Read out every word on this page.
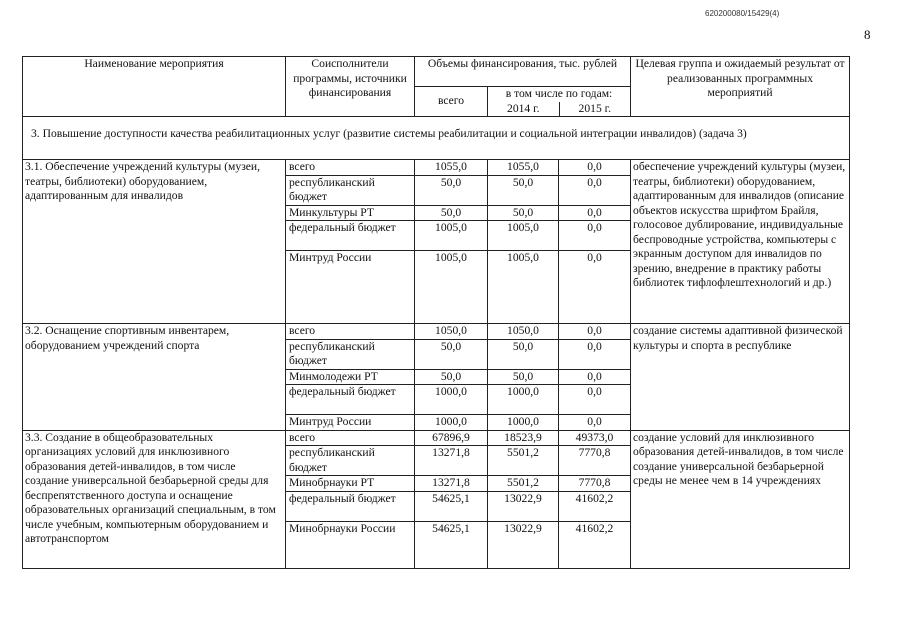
620200080/15429(4)
8
Наименование мероприятия	Соисполнители программы, источники финансирования	Объемы финансирования, тыс. рублей			Целевая группа и ожидаемый результат от реализованных программных мероприятий
		всего	в том числе по годам:
2014 г. 2015 г.		

3. Повышение доступности качества реабилитационных услуг (развитие системы реабилитации и социальной интеграции инвалидов) (задача 3)					
3.1. Обеспечение учреждений культуры (музеи, театры, библиотеки) оборудованием, адаптированным для инвалидов	всего	1055,0	1055,0	0,0	обеспечение учреждений культуры (музеи, театры, библиотеки) оборудованием, адаптированным для инвалидов (описание объектов искусства шрифтом Брайля, голосовое дублирование, индивидуальные беспроводные устройства, компьютеры с экранным доступом для инвалидов по зрению, внедрение в практику работы библиотек тифлофлештехнологий и др.)
	республиканский бюджет	50,0	50,0	0,0	
	Минкультуры РТ	50,0	50,0	0,0	
	федеральный бюджет	1005,0	1005,0	0,0	
	Минтруд России	1005,0	1005,0	0,0	
3.2. Оснащение спортивным инвентарем, оборудованием учреждений спорта	всего	1050,0	1050,0	0,0	создание системы адаптивной физической культуры и спорта в республике
	республиканский бюджет	50,0	50,0	0,0	
	Минмолодежи РТ	50,0	50,0	0,0	
	федеральный бюджет	1000,0	1000,0	0,0	
	Минтруд России	1000,0	1000,0	0,0	
3.3. Создание в общеобразовательных организациях условий для инклюзивного образования детей-инвалидов, в том числе создание универсальной безбарьерной среды для беспрепятственного доступа и оснащение образовательных организаций специальным, в том числе учебным, компьютерным оборудованием и автотранспортом	всего	67896,9	18523,9	49373,0	создание условий для инклюзивного образования детей-инвалидов, в том числе создание универсальной безбарьерной среды не менее чем в 14 учреждениях
	республиканский бюджет	13271,8	5501,2	7770,8	
	Минобрнауки РТ	13271,8	5501,2	7770,8	
	федеральный бюджет	54625,1	13022,9	41602,2	
	Минобрнауки России	54625,1	13022,9	41602,2	
